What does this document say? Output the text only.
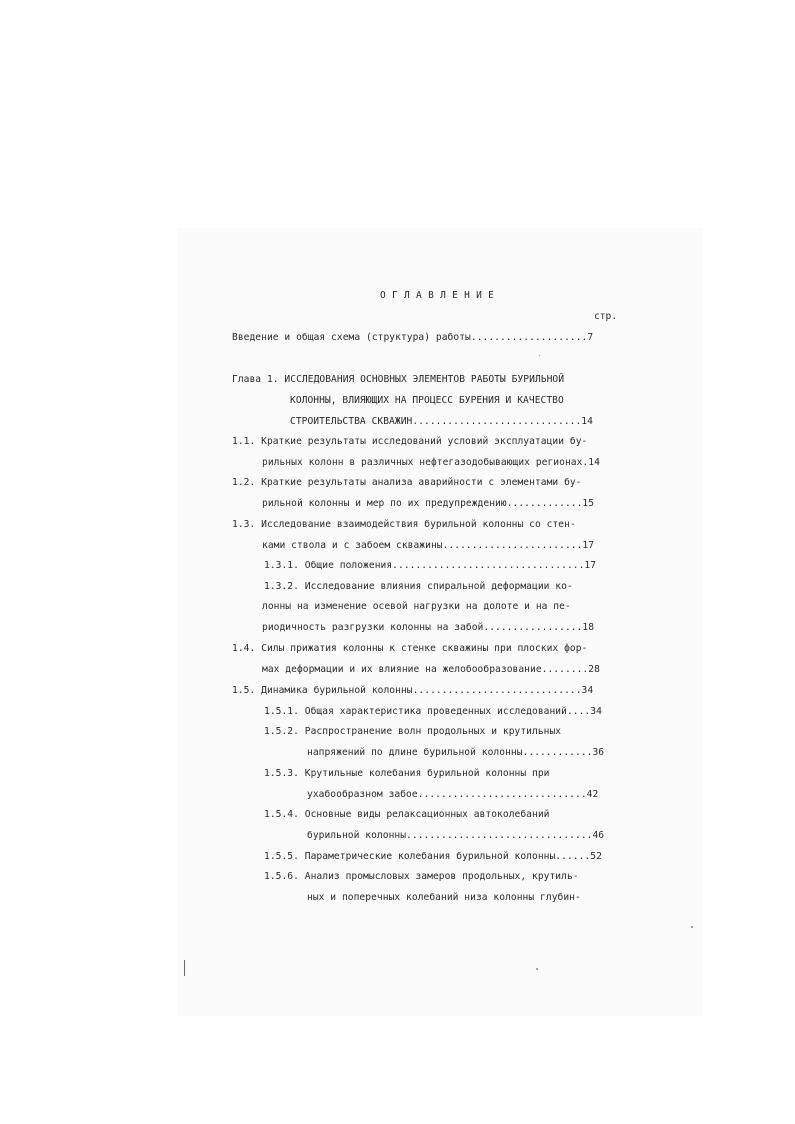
ОГЛАВЛЕНИЕ
стр.
Введение и общая схема (структура) работы....................7
Глава 1. ИССЛЕДОВАНИЯ ОСНОВНЫХ ЭЛЕМЕНТОВ РАБОТЫ БУРИЛЬНОЙ
КОЛОННЫ, ВЛИЯЮЩИХ НА ПРОЦЕСС БУРЕНИЯ И КАЧЕСТВО
СТРОИТЕЛЬСТВА СКВАЖИН.............................14
1.1. Краткие результаты исследований условий эксплуатации бу-
рильных колонн в различных нефтегазодобывающих регионах.14
1.2. Краткие результаты анализа аварийности с элементами бу-
рильной колонны и мер по их предупреждению.............15
1.3. Исследование взаимодействия бурильной колонны со стен-
ками ствола и с забоем скважины........................17
1.3.1. Общие положения.................................17
1.3.2. Исследование влияния спиральной деформации ко-
лонны на изменение осевой нагрузки на долоте и на пе-
риодичность разгрузки колонны на забой.................18
1.4. Силы прижатия колонны к стенке скважины при плоских фор-
мах деформации и их влияние на желобообразование........28
1.5. Динамика бурильной колонны.............................34
1.5.1. Общая характеристика проведенных исследований....34
1.5.2. Распространение волн продольных и крутильных
напряжений по длине бурильной колонны............36
1.5.3. Крутильные колебания бурильной колонны при
ухабообразном забое.............................42
1.5.4. Основные виды релаксационных автоколебаний
бурильной колонны................................46
1.5.5. Параметрические колебания бурильной колонны......52
1.5.6. Анализ промысловых замеров продольных, крутиль-
ных и поперечных колебаний низа колонны глубин-
